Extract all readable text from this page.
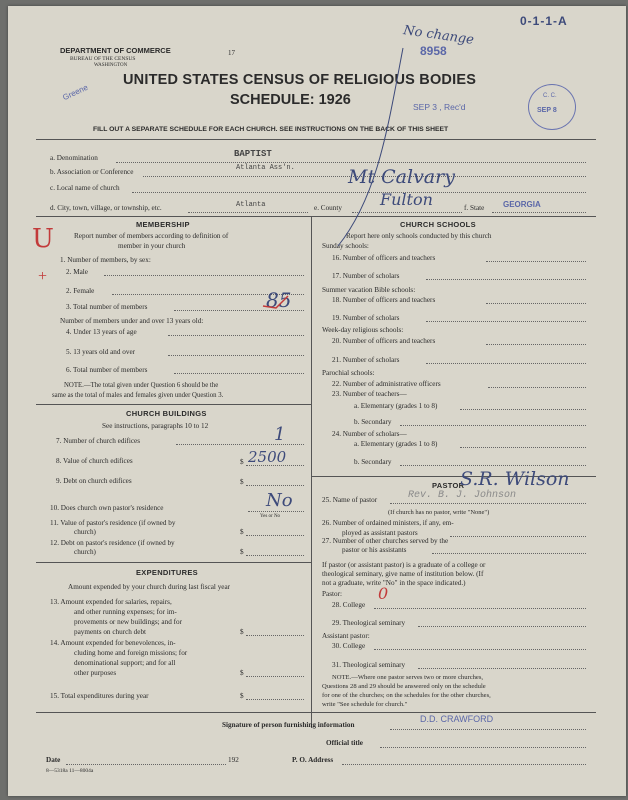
0-1-1-A
No change
8958
DEPARTMENT OF COMMERCE
BUREAU OF THE CENSUS
WASHINGTON
17
Greene
UNITED STATES CENSUS OF RELIGIOUS BODIES
SCHEDULE: 1926	SEP 3 , Rec'd
C. C.
SEP 8
FILL OUT A SEPARATE SCHEDULE FOR EACH CHURCH. SEE INSTRUCTIONS ON THE BACK OF THIS SHEET
a. Denomination	BAPTIST
b. Association or Conference	Atlanta Ass'n.
c. Local name of church	Mt Calvary
d. City, town, village, or township, etc.	Atlanta	e. County Fulton	f. State GEORGIA
U
+
MEMBERSHIP
Report number of members according to definition of
member in your church
1. Number of members, by sex:
2. Male
2. Female
3. Total number of members	85
Number of members under and over 13 years old:
4. Under 13 years of age
5. 13 years old and over
6. Total number of members
NOTE.—The total given under Question 6 should be the
same as the total of males and females given under Question 3.
CHURCH BUILDINGS
See instructions, paragraphs 10 to 12
7. Number of church edifices	1
8. Value of church edifices	$ 2500
9. Debt on church edifices	$
10. Does church own pastor's residence	No
Yes or No
11. Value of pastor's residence (if owned by
church)	$
12. Debt on pastor's residence (if owned by
church)	$
EXPENDITURES
Amount expended by your church during last fiscal year
13. Amount expended for salaries, repairs,
and other running expenses; for im-
provements or new buildings; and for
payments on church debt	$
14. Amount expended for benevolences, in-
cluding home and foreign missions; for
denominational support; and for all
other purposes	$
15. Total expenditures during year	$
CHURCH SCHOOLS
Report here only schools conducted by this church
Sunday schools:
16. Number of officers and teachers
17. Number of scholars
Summer vacation Bible schools:
18. Number of officers and teachers
19. Number of scholars
Week-day religious schools:
20. Number of officers and teachers
21. Number of scholars
Parochial schools:
22. Number of administrative officers
23. Number of teachers—
a. Elementary (grades 1 to 8)
b. Secondary
24. Number of scholars—
a. Elementary (grades 1 to 8)
b. Secondary
PASTOR
S.R. Wilson
25. Name of pastor	Rev. B. J. Johnson
(If church has no pastor, write "None")
26. Number of ordained ministers, if any, em-
ployed as assistant pastors
27. Number of other churches served by the
pastor or his assistants
If pastor (or assistant pastor) is a graduate of a college or
theological seminary, give name of institution below. (If
not a graduate, write "No" in the space indicated.)
Pastor:
28. College
0
29. Theological seminary
Assistant pastor:
30. College
31. Theological seminary
NOTE.—Where one pastor serves two or more churches,
Questions 28 and 29 should be answered only on the schedule
for one of the churches; on the schedules for the other churches,
write "See schedule for church."
Signature of person furnishing information
D.D. CRAWFORD
Official title
Date	192	P. O. Address
8—5318a 11—8004a
